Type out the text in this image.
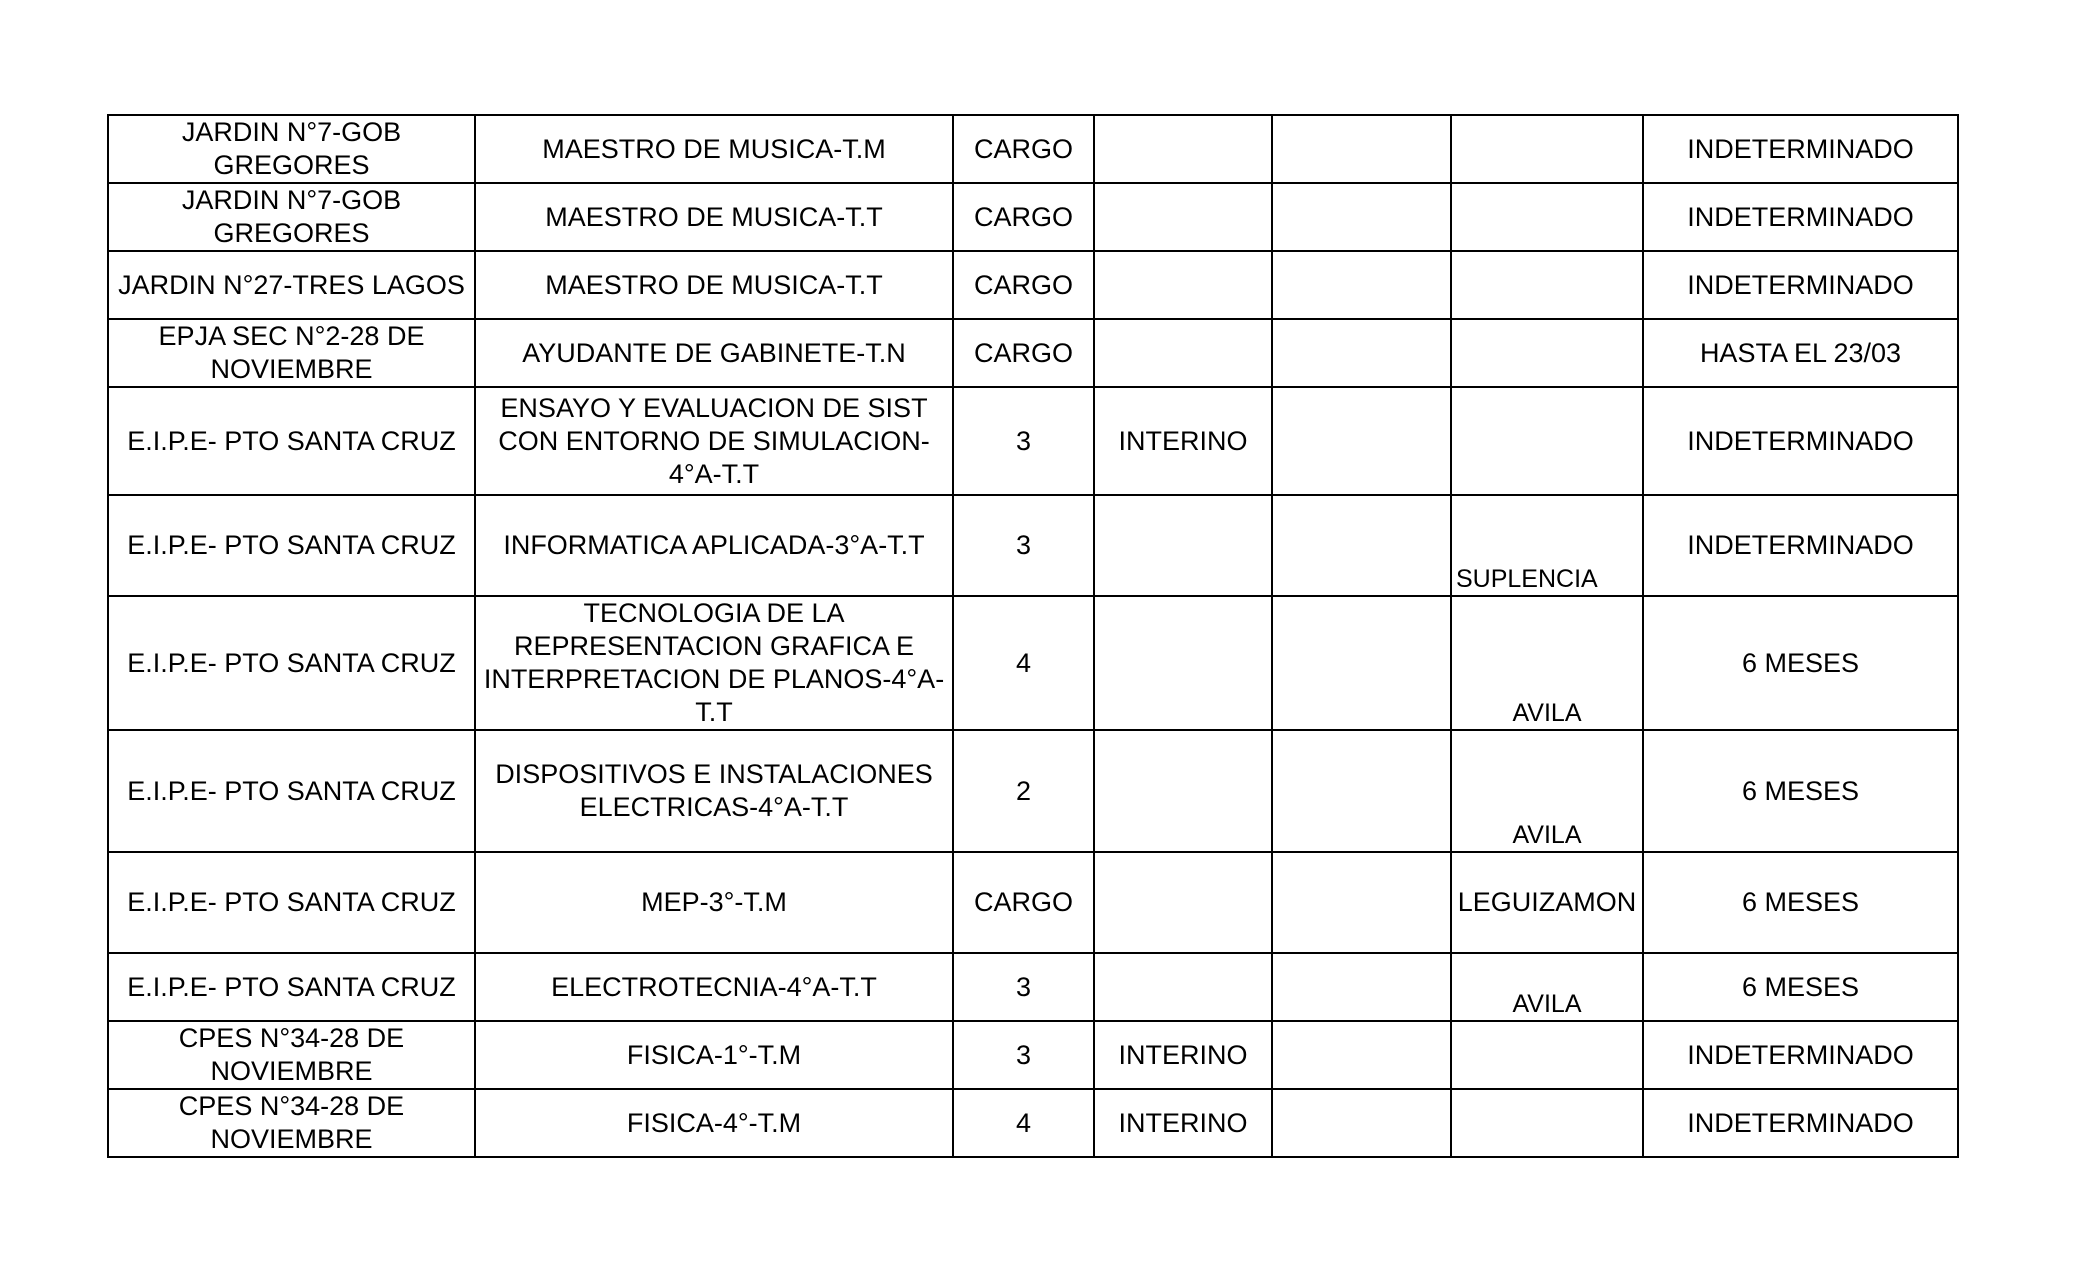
JARDIN N°7-GOB GREGORES	MAESTRO DE MUSICA-T.M	CARGO				INDETERMINADO
JARDIN N°7-GOB GREGORES	MAESTRO DE MUSICA-T.T	CARGO				INDETERMINADO
JARDIN N°27-TRES LAGOS	MAESTRO DE MUSICA-T.T	CARGO				INDETERMINADO
EPJA SEC N°2-28 DE NOVIEMBRE	AYUDANTE DE GABINETE-T.N	CARGO				HASTA EL 23/03
E.I.P.E- PTO SANTA CRUZ	ENSAYO Y EVALUACION DE SIST CON ENTORNO DE SIMULACION-4°A-T.T	3	INTERINO			INDETERMINADO
E.I.P.E- PTO SANTA CRUZ	INFORMATICA APLICADA-3°A-T.T	3			SUPLENCIA	INDETERMINADO
E.I.P.E- PTO SANTA CRUZ	TECNOLOGIA DE LA REPRESENTACION GRAFICA E INTERPRETACION DE PLANOS-4°A-T.T	4			AVILA	6 MESES
E.I.P.E- PTO SANTA CRUZ	DISPOSITIVOS E INSTALACIONES ELECTRICAS-4°A-T.T	2			AVILA	6 MESES
E.I.P.E- PTO SANTA CRUZ	MEP-3°-T.M	CARGO			LEGUIZAMON	6 MESES
E.I.P.E- PTO SANTA CRUZ	ELECTROTECNIA-4°A-T.T	3			AVILA	6 MESES
CPES N°34-28 DE NOVIEMBRE	FISICA-1°-T.M	3	INTERINO			INDETERMINADO
CPES N°34-28 DE NOVIEMBRE	FISICA-4°-T.M	4	INTERINO			INDETERMINADO
